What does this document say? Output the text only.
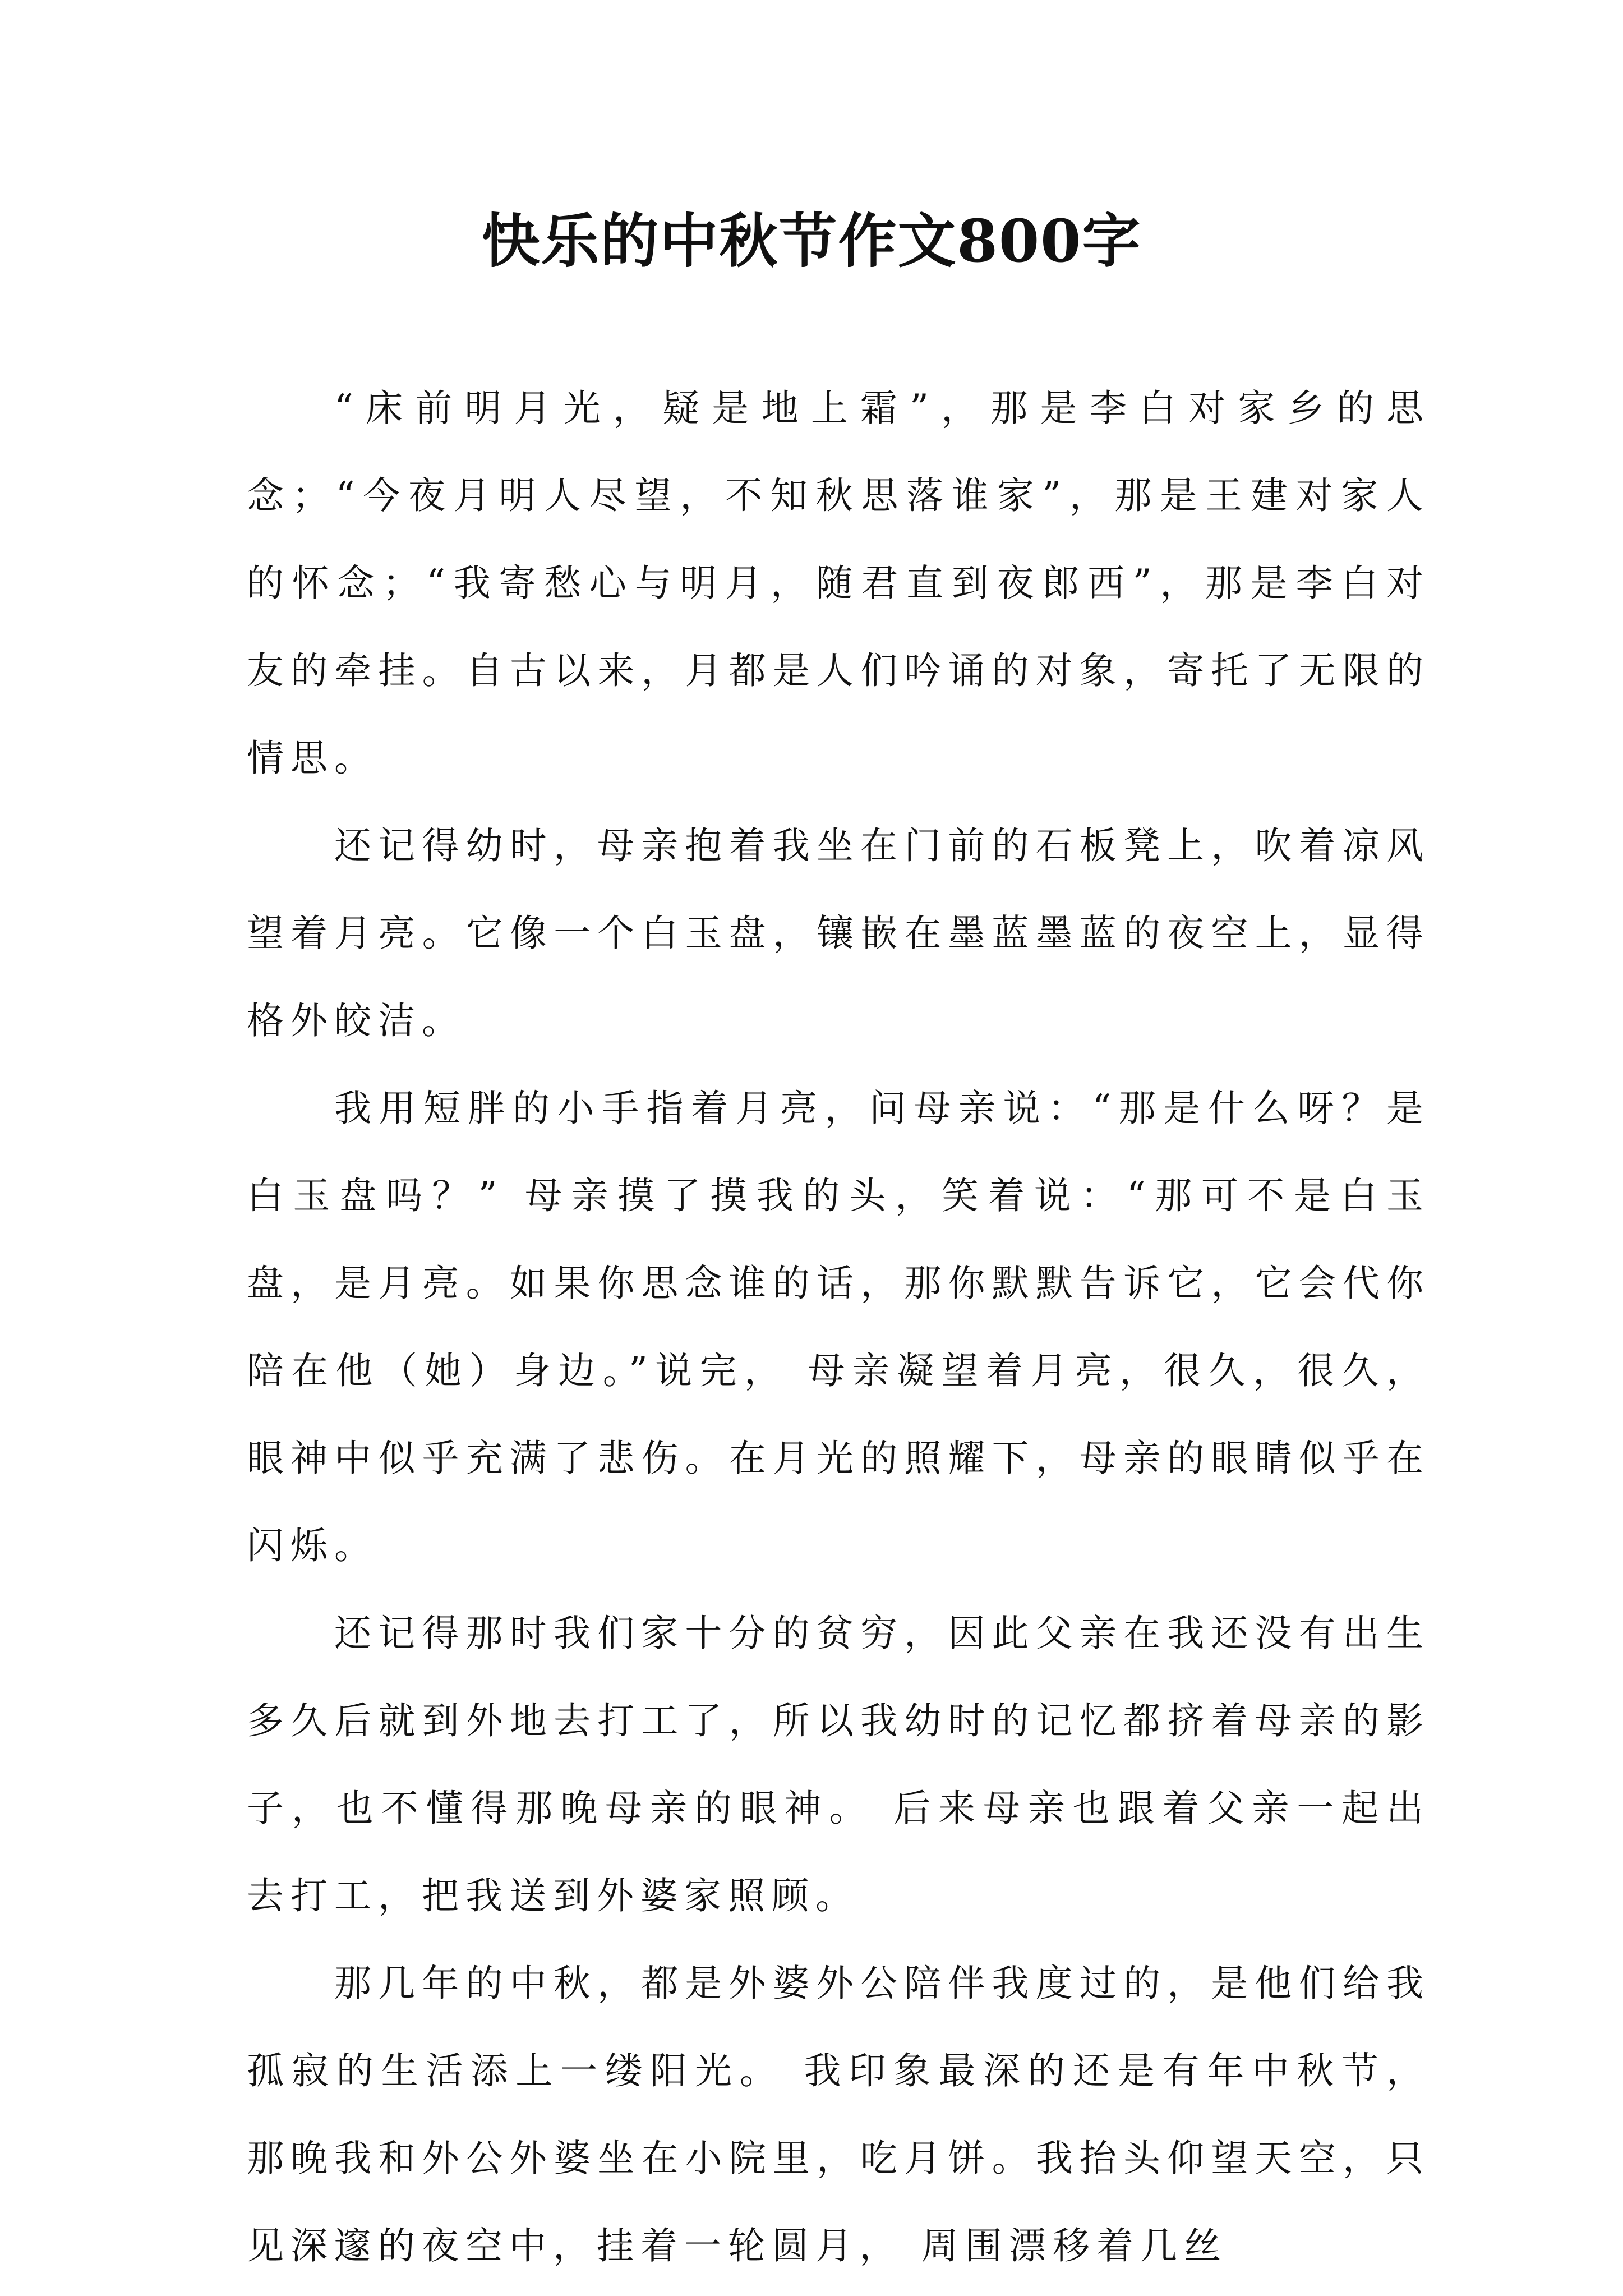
快乐的中秋节作文800字

“床前明月光，疑是地上霜”，那是李白对家乡的思念；“今夜月明人尽望，不知秋思落谁家”，那是王建对家人的怀念；“我寄愁心与明月，随君直到夜郎西”，那是李白对友的牵挂。自古以来，月都是人们吟诵的对象，寄托了无限的情思。

还记得幼时，母亲抱着我坐在门前的石板凳上，吹着凉风望着月亮。它像一个白玉盘，镶嵌在墨蓝墨蓝的夜空上，显得格外皎洁。

我用短胖的小手指着月亮，问母亲说：“那是什么呀？是白玉盘吗？” 母亲摸了摸我的头，笑着说：“那可不是白玉盘，是月亮。如果你思念谁的话，那你默默告诉它，它会代你陪在他（她）身边。”说完， 母亲凝望着月亮，很久，很久，眼神中似乎充满了悲伤。在月光的照耀下，母亲的眼睛似乎在闪烁。

还记得那时我们家十分的贫穷，因此父亲在我还没有出生多久后就到外地去打工了，所以我幼时的记忆都挤着母亲的影子，也不懂得那晚母亲的眼神。 后来母亲也跟着父亲一起出去打工，把我送到外婆家照顾。

那几年的中秋，都是外婆外公陪伴我度过的，是他们给我孤寂的生活添上一缕阳光。 我印象最深的还是有年中秋节，那晚我和外公外婆坐在小院里，吃月饼。我抬头仰望天空，只见深邃的夜空中，挂着一轮圆月， 周围漂移着几丝
